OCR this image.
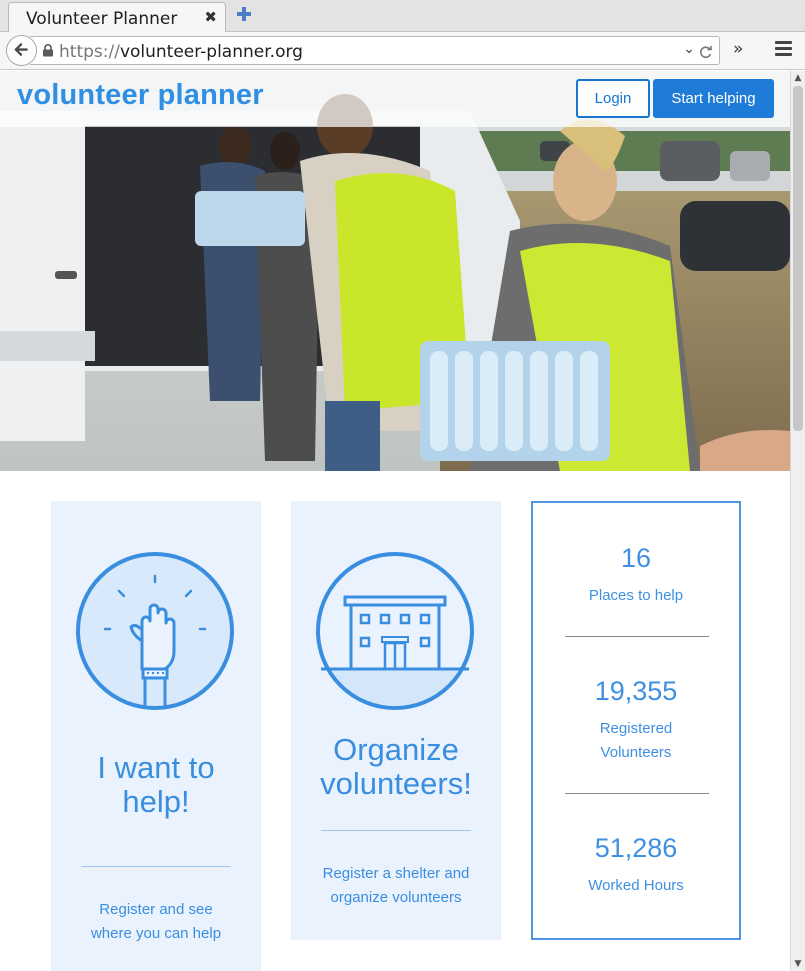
Volunteer Planner ✖
https://volunteer-planner.org	⌄ »
volunteer planner	Login	Start helping
I want to help!
Register and see where you can help
Organize volunteers!
Register a shelter and organize volunteers
16
Places to help
19,355
Registered Volunteers
51,286
Worked Hours
▲
▼
